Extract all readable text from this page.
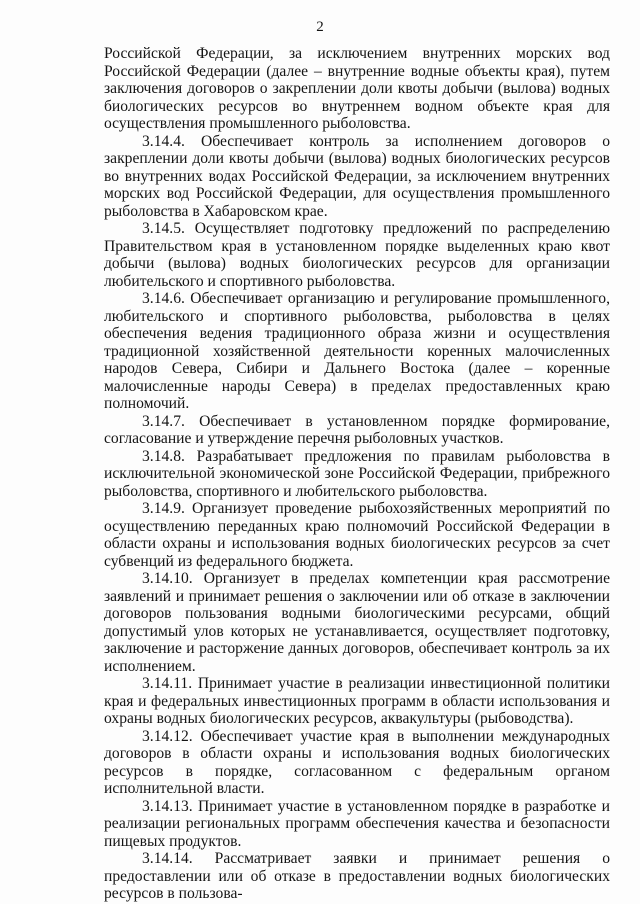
2

Российской Федерации, за исключением внутренних морских вод Российской Федерации (далее – внутренние водные объекты края), путем заключения договоров о закреплении доли квоты добычи (вылова) водных биологических ресурсов во внутреннем водном объекте края для осуществления промышленного рыболовства.

3.14.4. Обеспечивает контроль за исполнением договоров о закреплении доли квоты добычи (вылова) водных биологических ресурсов во внутренних водах Российской Федерации, за исключением внутренних морских вод Российской Федерации, для осуществления промышленного рыболовства в Хабаровском крае.

3.14.5. Осуществляет подготовку предложений по распределению Правительством края в установленном порядке выделенных краю квот добычи (вылова) водных биологических ресурсов для организации любительского и спортивного рыболовства.

3.14.6. Обеспечивает организацию и регулирование промышленного, любительского и спортивного рыболовства, рыболовства в целях обеспечения ведения традиционного образа жизни и осуществления традиционной хозяйственной деятельности коренных малочисленных народов Севера, Сибири и Дальнего Востока (далее – коренные малочисленные народы Севера) в пределах предоставленных краю полномочий.

3.14.7. Обеспечивает в установленном порядке формирование, согласование и утверждение перечня рыболовных участков.

3.14.8. Разрабатывает предложения по правилам рыболовства в исключительной экономической зоне Российской Федерации, прибрежного рыболовства, спортивного и любительского рыболовства.

3.14.9. Организует проведение рыбохозяйственных мероприятий по осуществлению переданных краю полномочий Российской Федерации в области охраны и использования водных биологических ресурсов за счет субвенций из федерального бюджета.

3.14.10. Организует в пределах компетенции края рассмотрение заявлений и принимает решения о заключении или об отказе в заключении договоров пользования водными биологическими ресурсами, общий допустимый улов которых не устанавливается, осуществляет подготовку, заключение и расторжение данных договоров, обеспечивает контроль за их исполнением.

3.14.11. Принимает участие в реализации инвестиционной политики края и федеральных инвестиционных программ в области использования и охраны водных биологических ресурсов, аквакультуры (рыбоводства).

3.14.12. Обеспечивает участие края в выполнении международных договоров в области охраны и использования водных биологических ресурсов в порядке, согласованном с федеральным органом исполнительной власти.

3.14.13. Принимает участие в установленном порядке в разработке и реализации региональных программ обеспечения качества и безопасности пищевых продуктов.

3.14.14. Рассматривает заявки и принимает решения о предоставлении или об отказе в предоставлении водных биологических ресурсов в пользова-
